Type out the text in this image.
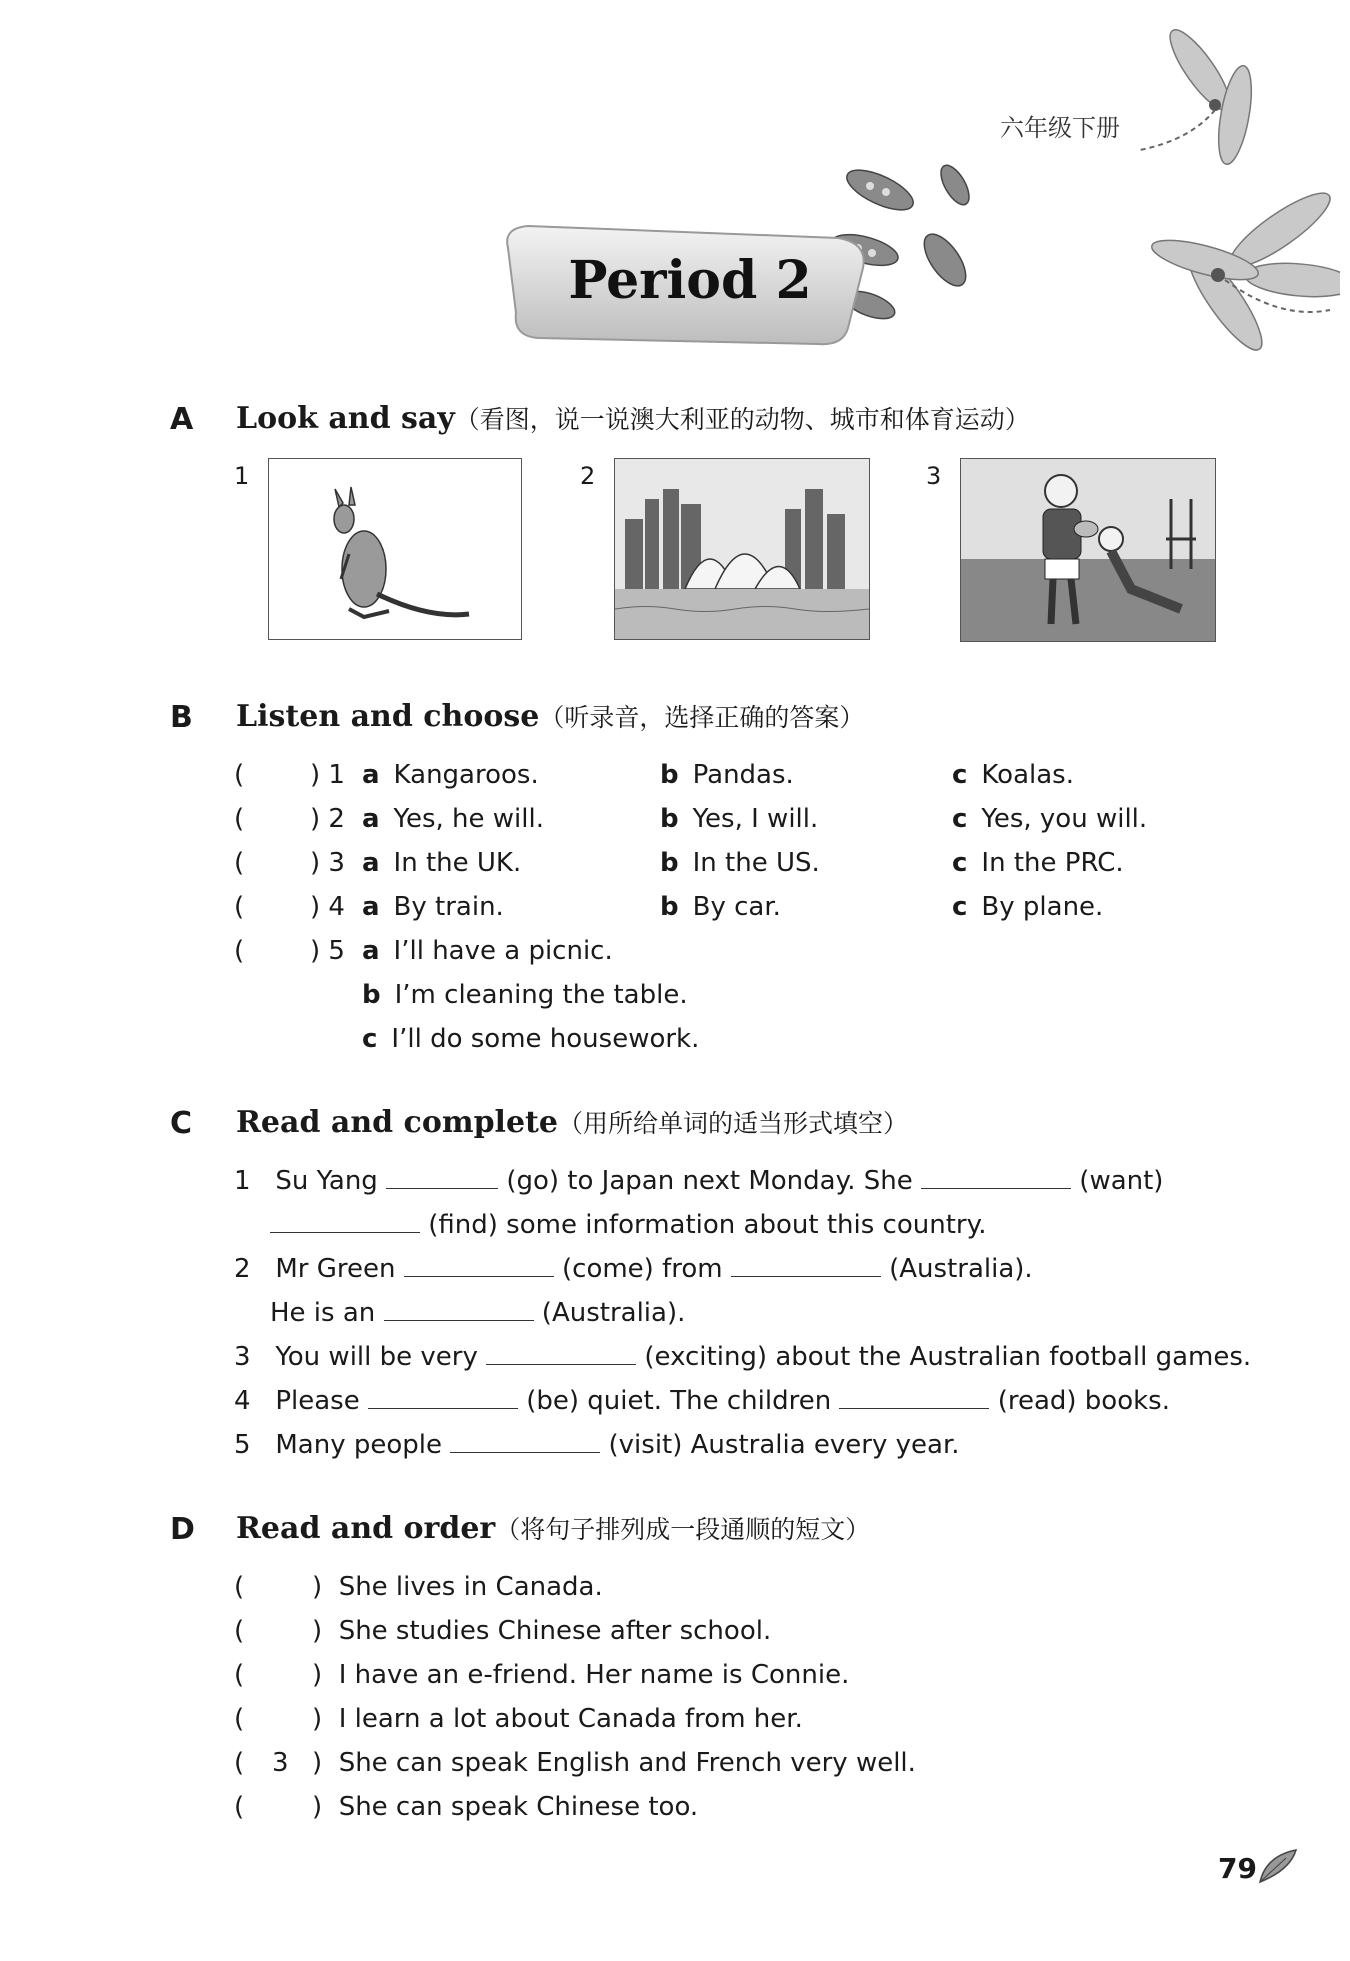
六年级下册
Period 2
A Look and say（看图，说一说澳大利亚的动物、城市和体育运动）
1	2	3
B Listen and choose（听录音，选择正确的答案）
(	) 1 a Kangaroos.	b Pandas.	c Koalas.
(	) 2 a Yes, he will.	b Yes, I will.	c Yes, you will.
(	) 3 a In the UK.	b In the US.	c In the PRC.
(	) 4 a By train.	b By car.	c By plane.
(	) 5 a I’ll have a picnic.
b I’m cleaning the table.
c I’ll do some housework.
C Read and complete（用所给单词的适当形式填空）
1 Su Yang	(go) to Japan next Monday. She	(want)
(find) some information about this country.
2 Mr Green	(come) from	(Australia).
He is an	(Australia).
3 You will be very	(exciting) about the Australian football games.
4 Please	(be) quiet. The children	(read) books.
5 Many people	(visit) Australia every year.
D Read and order（将句子排列成一段通顺的短文）
(	) She lives in Canada.
(	) She studies Chinese after school.
(	) I have an e-friend. Her name is Connie.
(	) I learn a lot about Canada from her.
( 3 ) She can speak English and French very well.
(	) She can speak Chinese too.
79
